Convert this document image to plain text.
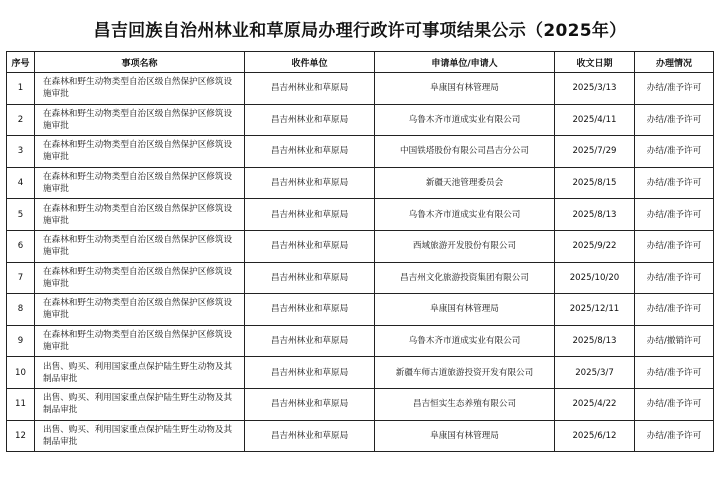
昌吉回族自治州林业和草原局办理行政许可事项结果公示（2025年）
序号	事项名称	收件单位	申请单位/申请人	收文日期	办理情况
1	在森林和野生动物类型自治区级自然保护区修筑设施审批	昌吉州林业和草原局	阜康国有林管理局	2025/3/13	办结/准予许可
2	在森林和野生动物类型自治区级自然保护区修筑设施审批	昌吉州林业和草原局	乌鲁木齐市道成实业有限公司	2025/4/11	办结/准予许可
3	在森林和野生动物类型自治区级自然保护区修筑设施审批	昌吉州林业和草原局	中国铁塔股份有限公司昌吉分公司	2025/7/29	办结/准予许可
4	在森林和野生动物类型自治区级自然保护区修筑设施审批	昌吉州林业和草原局	新疆天池管理委员会	2025/8/15	办结/准予许可
5	在森林和野生动物类型自治区级自然保护区修筑设施审批	昌吉州林业和草原局	乌鲁木齐市道成实业有限公司	2025/8/13	办结/准予许可
6	在森林和野生动物类型自治区级自然保护区修筑设施审批	昌吉州林业和草原局	西域旅游开发股份有限公司	2025/9/22	办结/准予许可
7	在森林和野生动物类型自治区级自然保护区修筑设施审批	昌吉州林业和草原局	昌吉州文化旅游投资集团有限公司	2025/10/20	办结/准予许可
8	在森林和野生动物类型自治区级自然保护区修筑设施审批	昌吉州林业和草原局	阜康国有林管理局	2025/12/11	办结/准予许可
9	在森林和野生动物类型自治区级自然保护区修筑设施审批	昌吉州林业和草原局	乌鲁木齐市道成实业有限公司	2025/8/13	办结/撤销许可
10	出售、购买、利用国家重点保护陆生野生动物及其制品审批	昌吉州林业和草原局	新疆车师古道旅游投资开发有限公司	2025/3/7	办结/准予许可
11	出售、购买、利用国家重点保护陆生野生动物及其制品审批	昌吉州林业和草原局	昌吉恒实生态养殖有限公司	2025/4/22	办结/准予许可
12	出售、购买、利用国家重点保护陆生野生动物及其制品审批	昌吉州林业和草原局	阜康国有林管理局	2025/6/12	办结/准予许可
